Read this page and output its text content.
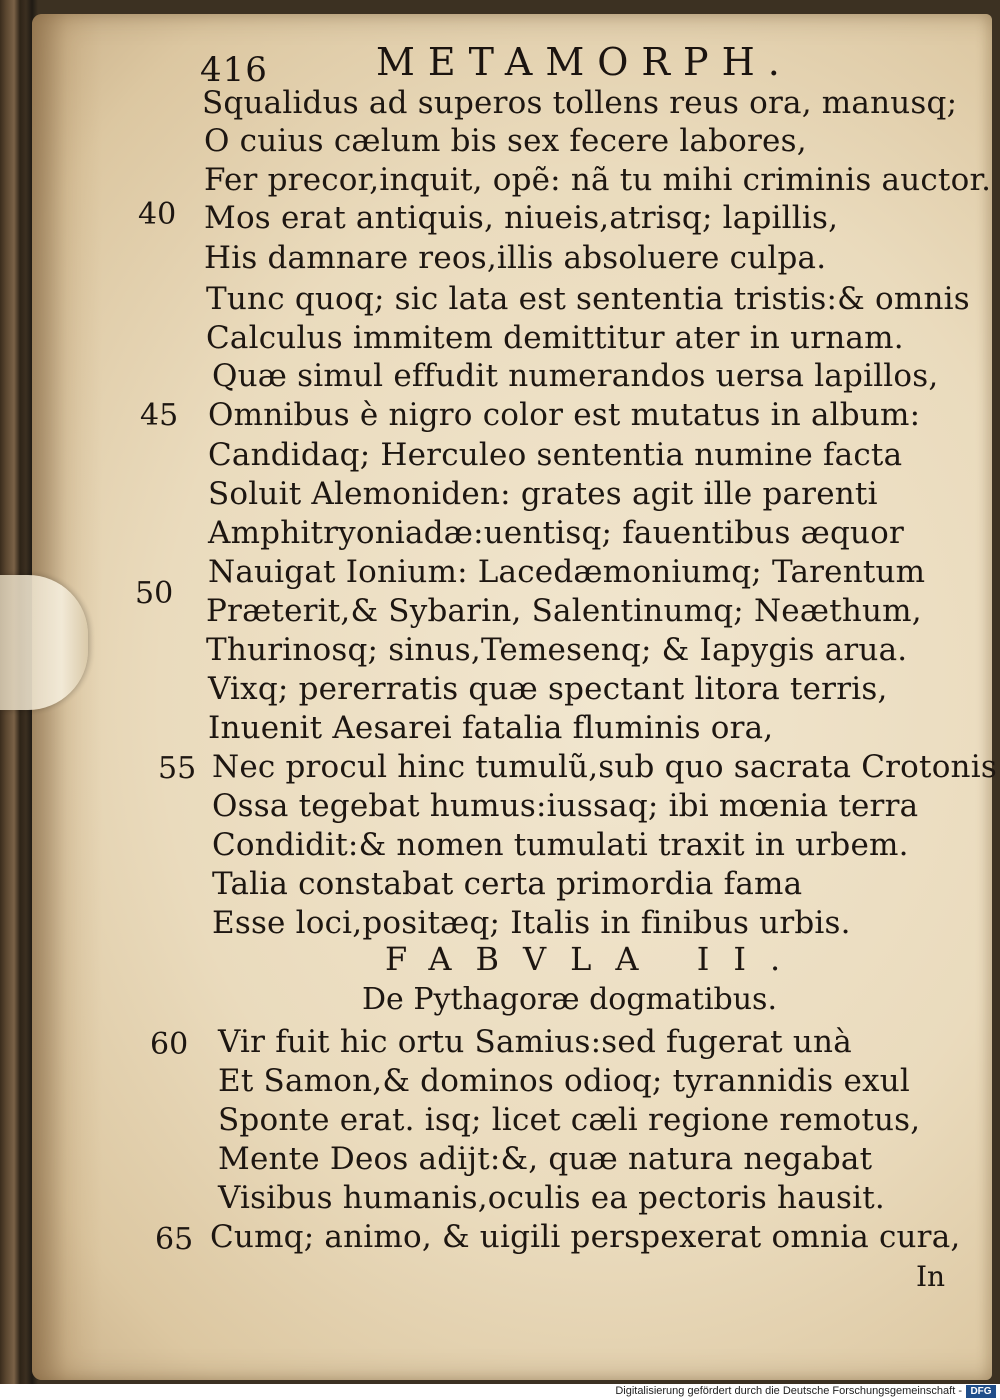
416	METAMORPH.
Squalidus ad superos tollens reus ora, manusq;
O cuius cælum bis sex fecere labores,
Fer precor,inquit, opẽ: nã tu mihi criminis auctor.
40 Mos erat antiquis, niueis,atrisq; lapillis,
His damnare reos,illis absoluere culpa.
Tunc quoq; sic lata est sententia tristis:& omnis
Calculus immitem demittitur ater in urnam.
Quæ simul effudit numerandos uersa lapillos,
45 Omnibus è nigro color est mutatus in album:
Candidaq; Herculeo sententia numine facta
Soluit Alemoniden: grates agit ille parenti
Amphitryoniadæ:uentisq; fauentibus æquor
50
Nauigat Ionium: Lacedæmoniumq; Tarentum
Præterit,& Sybarin, Salentinumq; Neæthum,
Thurinosq; sinus,Temesenq; & Iapygis arua.
Vixq; pererratis quæ spectant litora terris,
Inuenit Aesarei fatalia fluminis ora,
55 Nec procul hinc tumulũ,sub quo sacrata Crotonis
Ossa tegebat humus:iussaq; ibi mœnia terra
Condidit:& nomen tumulati traxit in urbem.
Talia constabat certa primordia fama
Esse loci,positæq; Italis in finibus urbis.
FABVLA II.
De Pythagoræ dogmatibus.
60 Vir fuit hic ortu Samius:sed fugerat unà
Et Samon,& dominos odioq; tyrannidis exul
Sponte erat. isq; licet cæli regione remotus,
Mente Deos adijt:&, quæ natura negabat
Visibus humanis,oculis ea pectoris hausit.
65 Cumq; animo, & uigili perspexerat omnia cura,
In
Digitalisierung gefördert durch die Deutsche Forschungsgemeinschaft - DFG
